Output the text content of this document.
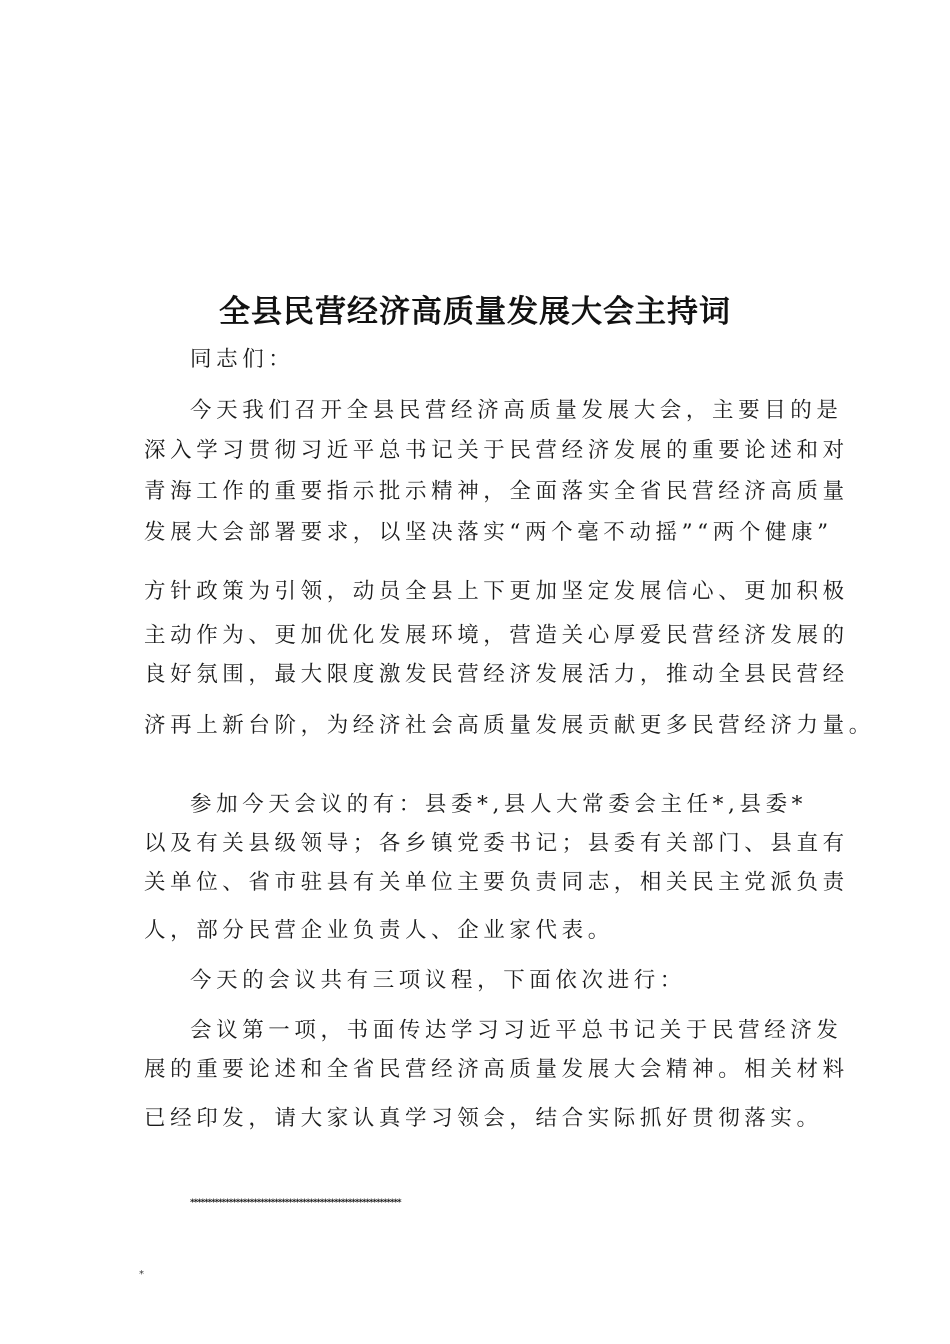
全县民营经济高质量发展大会主持词
同志们：
今天我们召开全县民营经济高质量发展大会，主要目的是
深入学习贯彻习近平总书记关于民营经济发展的重要论述和对
青海工作的重要指示批示精神，全面落实全省民营经济高质量
发展大会部署要求，以坚决落实“两个毫不动摇”“两个健康”
方针政策为引领，动员全县上下更加坚定发展信心、更加积极
主动作为、更加优化发展环境，营造关心厚爱民营经济发展的
良好氛围，最大限度激发民营经济发展活力，推动全县民营经
济再上新台阶，为经济社会高质量发展贡献更多民营经济力量。
参加今天会议的有：县委*,县人大常委会主任*,县委*
以及有关县级领导；各乡镇党委书记；县委有关部门、县直有
关单位、省市驻县有关单位主要负责同志，相关民主党派负责
人，部分民营企业负责人、企业家代表。
今天的会议共有三项议程，下面依次进行：
会议第一项，书面传达学习习近平总书记关于民营经济发
展的重要论述和全省民营经济高质量发展大会精神。相关材料
已经印发，请大家认真学习领会，结合实际抓好贯彻落实。
************************************************************
*
